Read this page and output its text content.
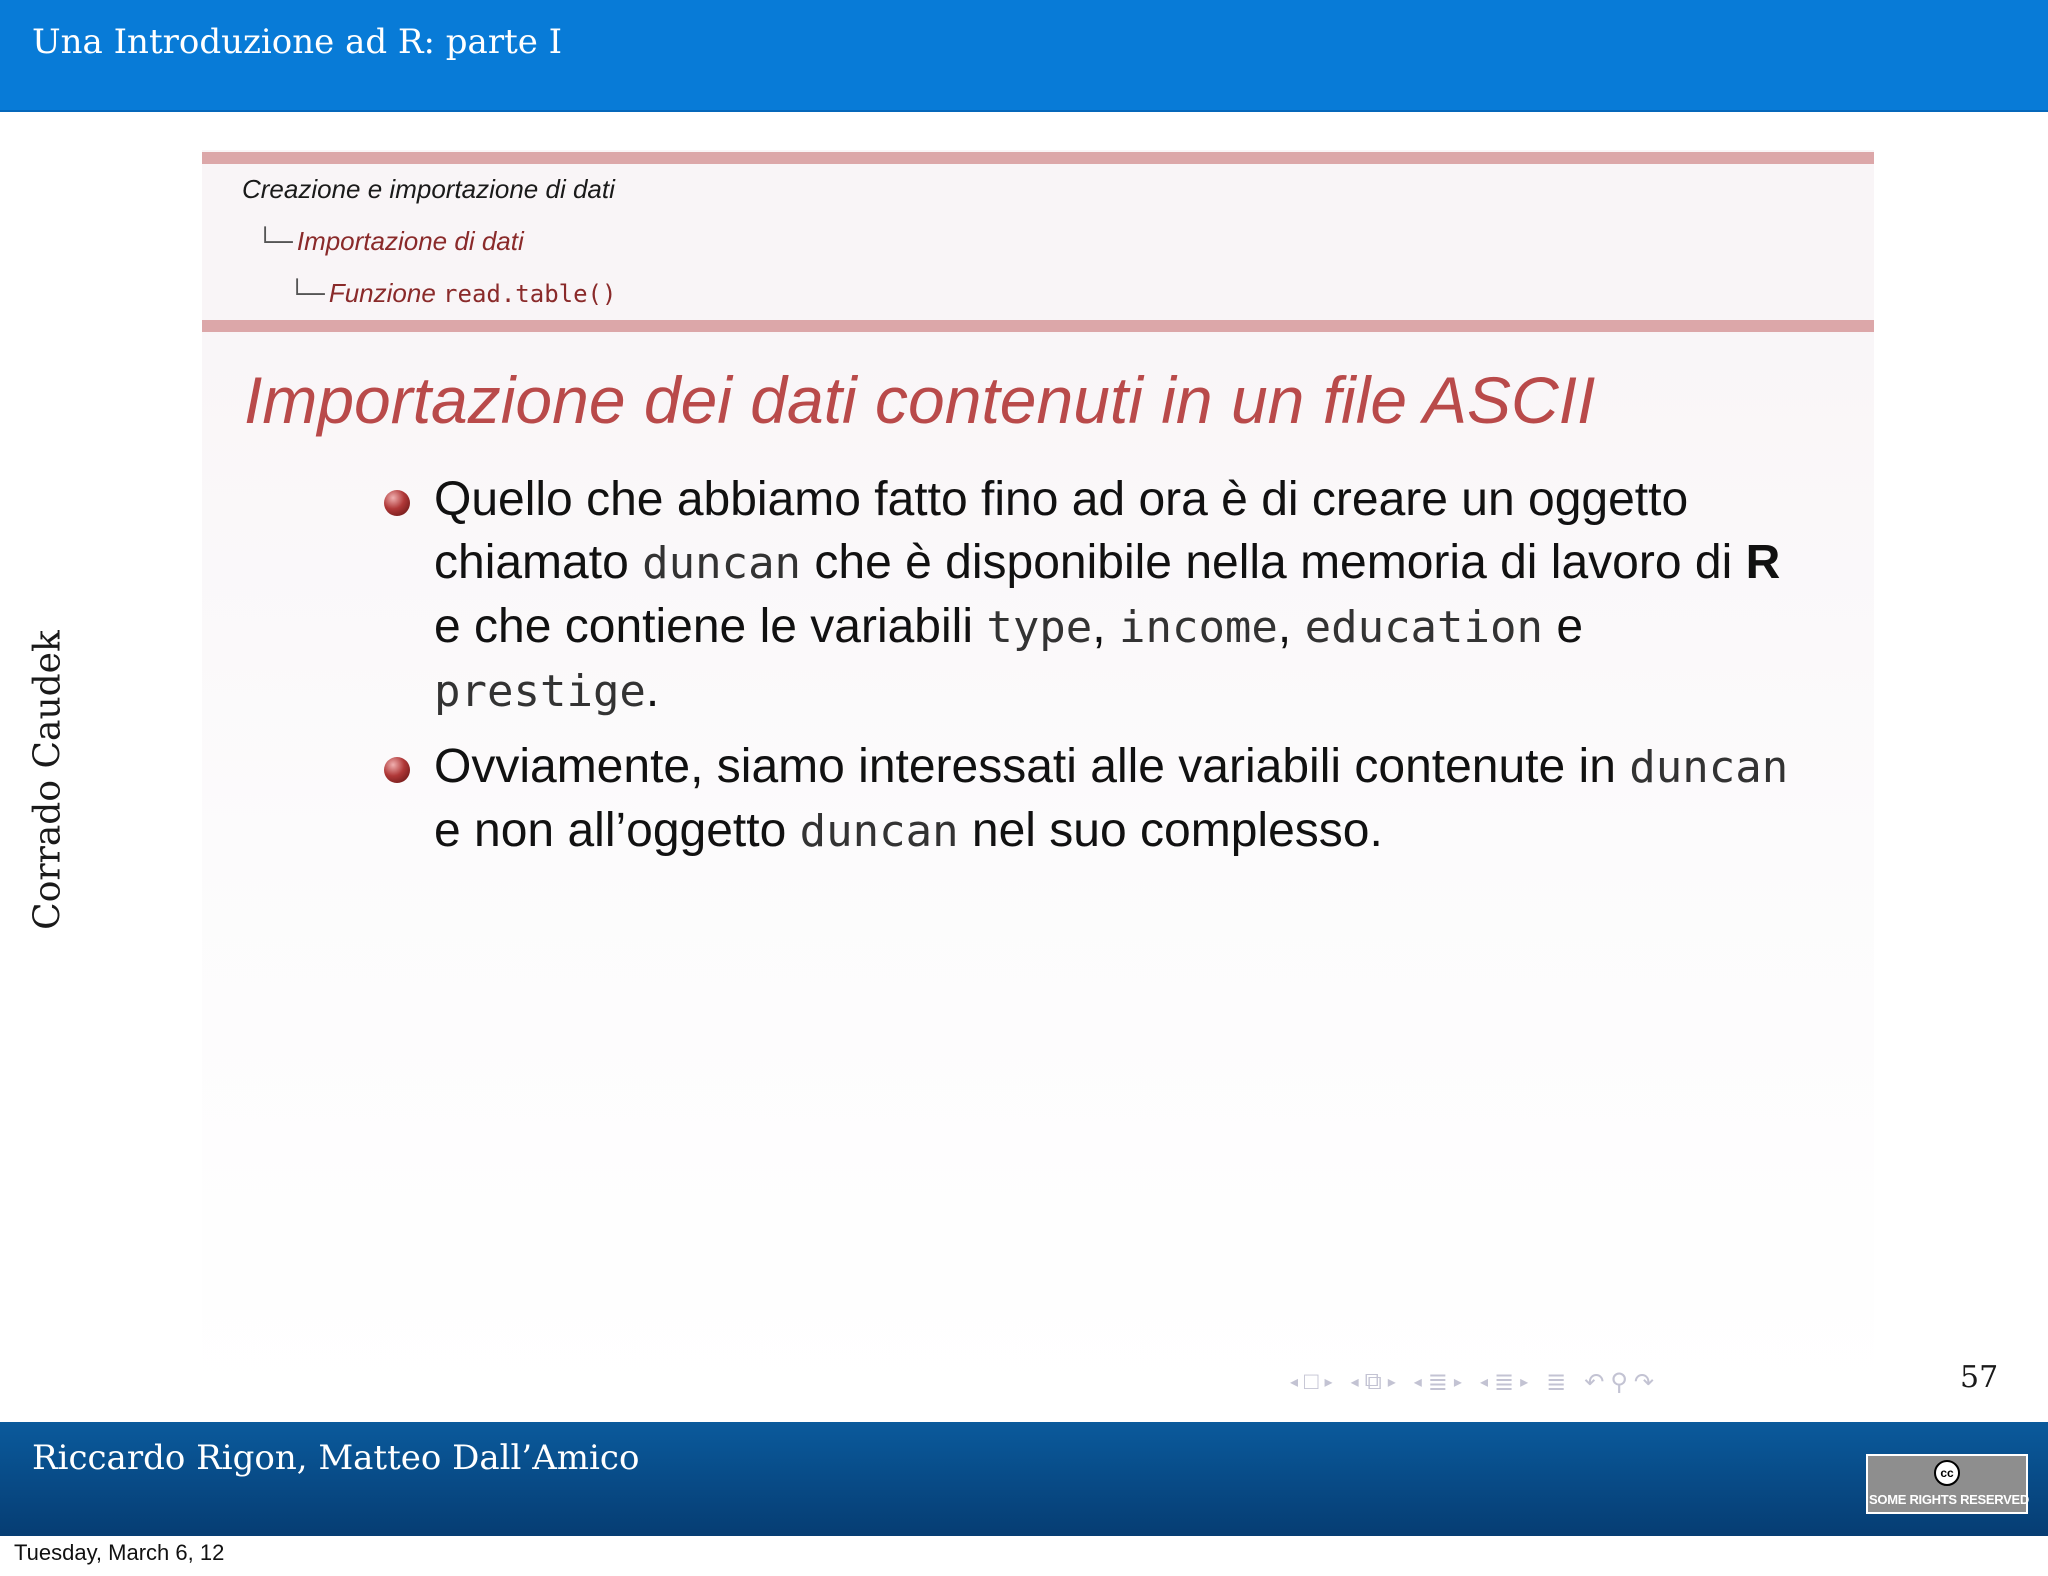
Una Introduzione ad R: parte I
Corrado Caudek
Creazione e importazione di dati
└─ Importazione di dati
└─ Funzione read.table()
Importazione dei dati contenuti in un file ASCII
Quello che abbiamo fatto fino ad ora è di creare un oggetto chiamato duncan che è disponibile nella memoria di lavoro di R e che contiene le variabili type, income, education e prestige.
Ovviamente, siamo interessati alle variabili contenute in duncan e non all’oggetto duncan nel suo complesso.
◂ □ ▸ ◂ ⧉ ▸ ◂ ≣ ▸ ◂ ≣ ▸ ≣ ↶ ⚲ ↷	57
Riccardo Rigon, Matteo Dall’Amico	cc
SOME RIGHTS RESERVED
Tuesday, March 6, 12
